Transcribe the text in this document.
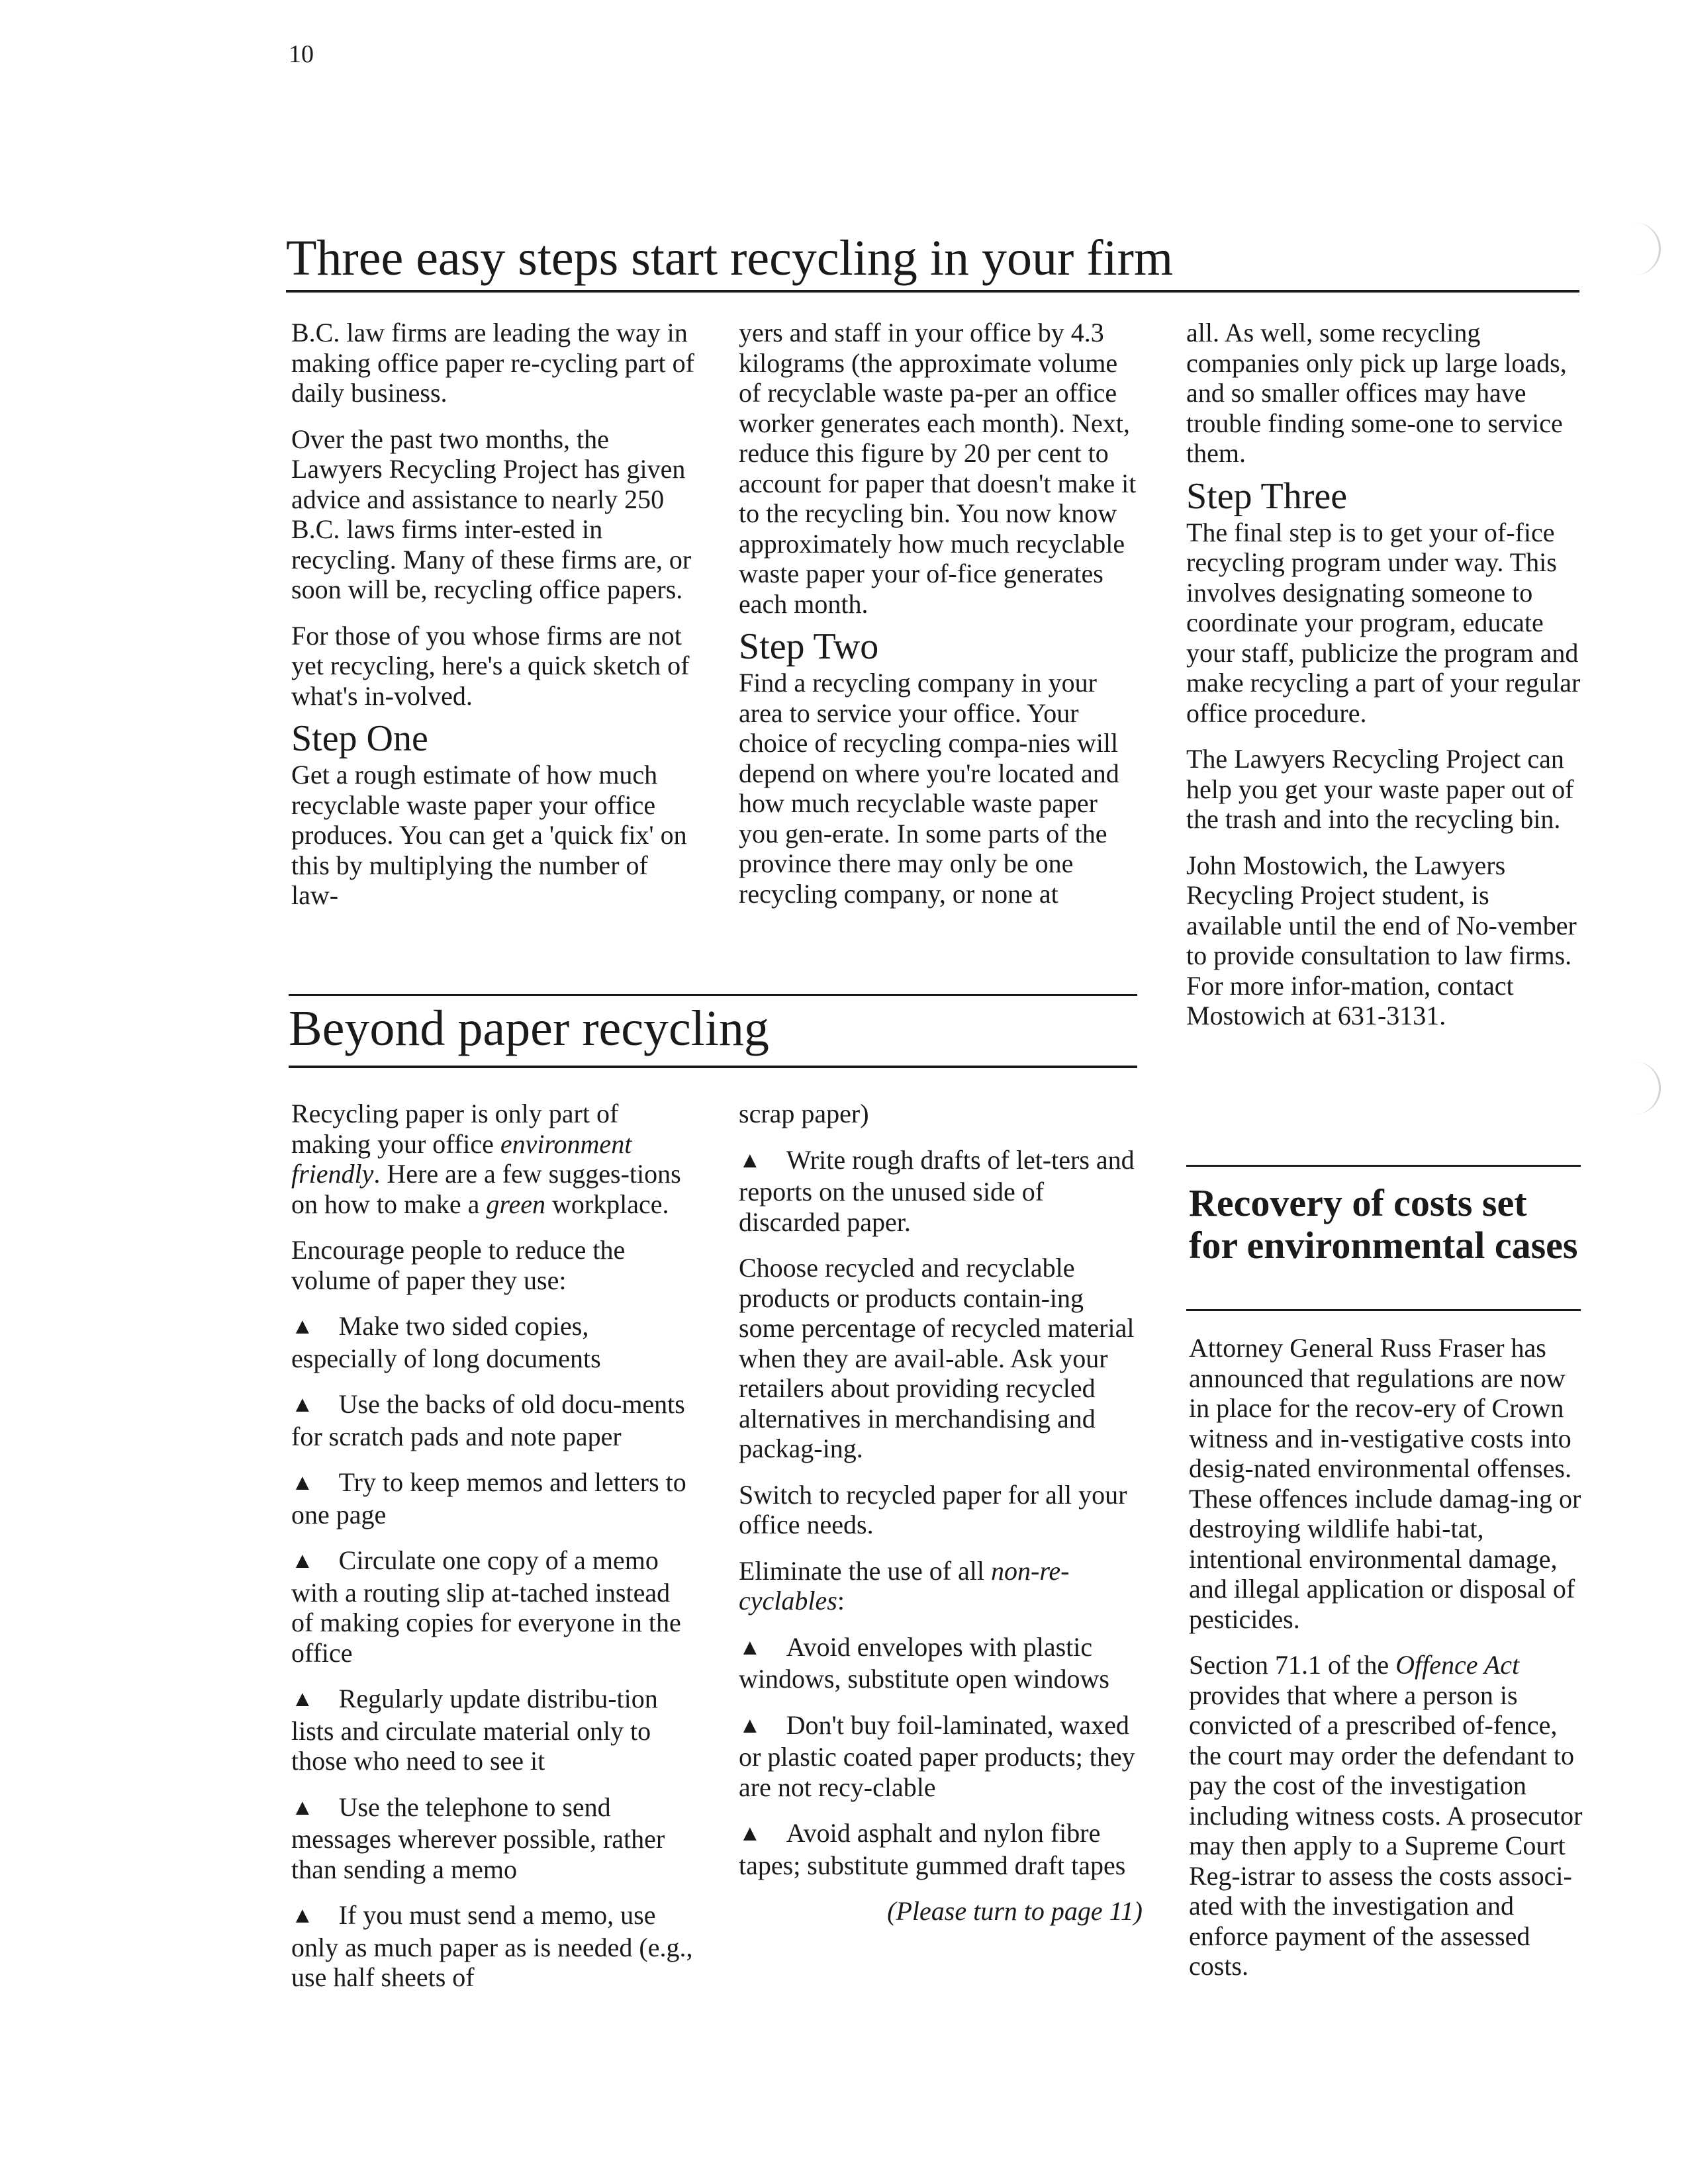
10
Three easy steps start recycling in your firm

B.C. law firms are leading the way in making office paper re-cycling part of daily business.

Over the past two months, the Lawyers Recycling Project has given advice and assistance to nearly 250 B.C. laws firms inter-ested in recycling. Many of these firms are, or soon will be, recycling office papers.

For those of you whose firms are not yet recycling, here's a quick sketch of what's in-volved.

Step One

Get a rough estimate of how much recyclable waste paper your office produces. You can get a 'quick fix' on this by multiplying the number of law-

yers and staff in your office by 4.3 kilograms (the approximate volume of recyclable waste pa-per an office worker generates each month). Next, reduce this figure by 20 per cent to account for paper that doesn't make it to the recycling bin. You now know approximately how much recyclable waste paper your of-fice generates each month.

Step Two

Find a recycling company in your area to service your office. Your choice of recycling compa-nies will depend on where you're located and how much recyclable waste paper you gen-erate. In some parts of the province there may only be one recycling company, or none at

all. As well, some recycling companies only pick up large loads, and so smaller offices may have trouble finding some-one to service them.

Step Three

The final step is to get your of-fice recycling program under way. This involves designating someone to coordinate your program, educate your staff, publicize the program and make recycling a part of your regular office procedure.

The Lawyers Recycling Project can help you get your waste paper out of the trash and into the recycling bin.

John Mostowich, the Lawyers Recycling Project student, is available until the end of No-vember to provide consultation to law firms. For more infor-mation, contact Mostowich at 631-3131.

Beyond paper recycling

Recycling paper is only part of making your office environment friendly. Here are a few sugges-tions on how to make a green workplace.

Encourage people to reduce the volume of paper they use:

▲ Make two sided copies, especially of long documents

▲ Use the backs of old docu-ments for scratch pads and note paper

▲ Try to keep memos and letters to one page

▲ Circulate one copy of a memo with a routing slip at-tached instead of making copies for everyone in the office

▲ Regularly update distribu-tion lists and circulate material only to those who need to see it

▲ Use the telephone to send messages wherever possible, rather than sending a memo

▲ If you must send a memo, use only as much paper as is needed (e.g., use half sheets of

scrap paper)

▲ Write rough drafts of let-ters and reports on the unused side of discarded paper.

Choose recycled and recyclable products or products contain-ing some percentage of recycled material when they are avail-able. Ask your retailers about providing recycled alternatives in merchandising and packag-ing.

Switch to recycled paper for all your office needs.

Eliminate the use of all non-re-cyclables:

▲ Avoid envelopes with plastic windows, substitute open windows

▲ Don't buy foil-laminated, waxed or plastic coated paper products; they are not recy-clable

▲ Avoid asphalt and nylon fibre tapes; substitute gummed draft tapes

(Please turn to page 11)

Recovery of costs set for environmental cases

Attorney General Russ Fraser has announced that regulations are now in place for the recov-ery of Crown witness and in-vestigative costs into desig-nated environmental offenses. These offences include damag-ing or destroying wildlife habi-tat, intentional environmental damage, and illegal application or disposal of pesticides.

Section 71.1 of the Offence Act provides that where a person is convicted of a prescribed of-fence, the court may order the defendant to pay the cost of the investigation including witness costs. A prosecutor may then apply to a Supreme Court Reg-istrar to assess the costs associ-ated with the investigation and enforce payment of the assessed costs.
